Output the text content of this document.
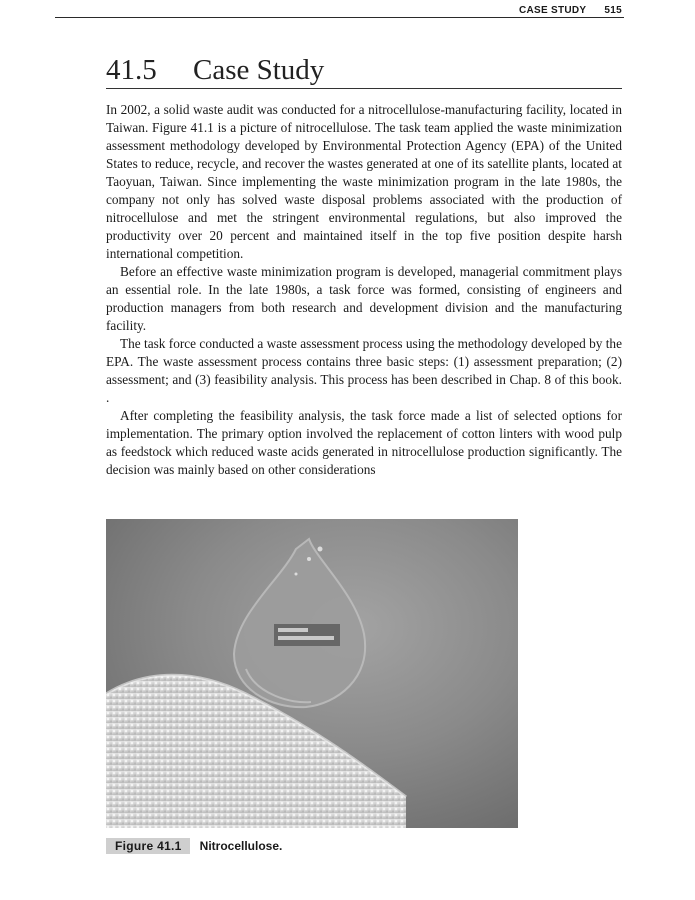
CASE STUDY 515
41.5 Case Study

In 2002, a solid waste audit was conducted for a nitrocellulose-manufacturing facility, located in Taiwan. Figure 41.1 is a picture of nitrocellulose. The task team applied the waste minimization assessment methodology developed by Environmental Protection Agency (EPA) of the United States to reduce, recycle, and recover the wastes generated at one of its satellite plants, located at Taoyuan, Taiwan. Since implementing the waste minimization program in the late 1980s, the company not only has solved waste disposal problems associated with the production of nitrocellulose and met the stringent environmental regulations, but also improved the productivity over 20 percent and maintained itself in the top five position despite harsh international competition.

Before an effective waste minimization program is developed, managerial commitment plays an essential role. In the late 1980s, a task force was formed, consisting of engineers and production managers from both research and development division and the manufacturing facility.

The task force conducted a waste assessment process using the methodology developed by the EPA. The waste assessment process contains three basic steps: (1) assessment preparation; (2) assessment; and (3) feasibility analysis. This process has been described in Chap. 8 of this book. .

After completing the feasibility analysis, the task force made a list of selected options for implementation. The primary option involved the replacement of cotton linters with wood pulp as feedstock which reduced waste acids generated in nitrocellulose production significantly. The decision was mainly based on other considerations

Figure 41.1	Nitrocellulose.
